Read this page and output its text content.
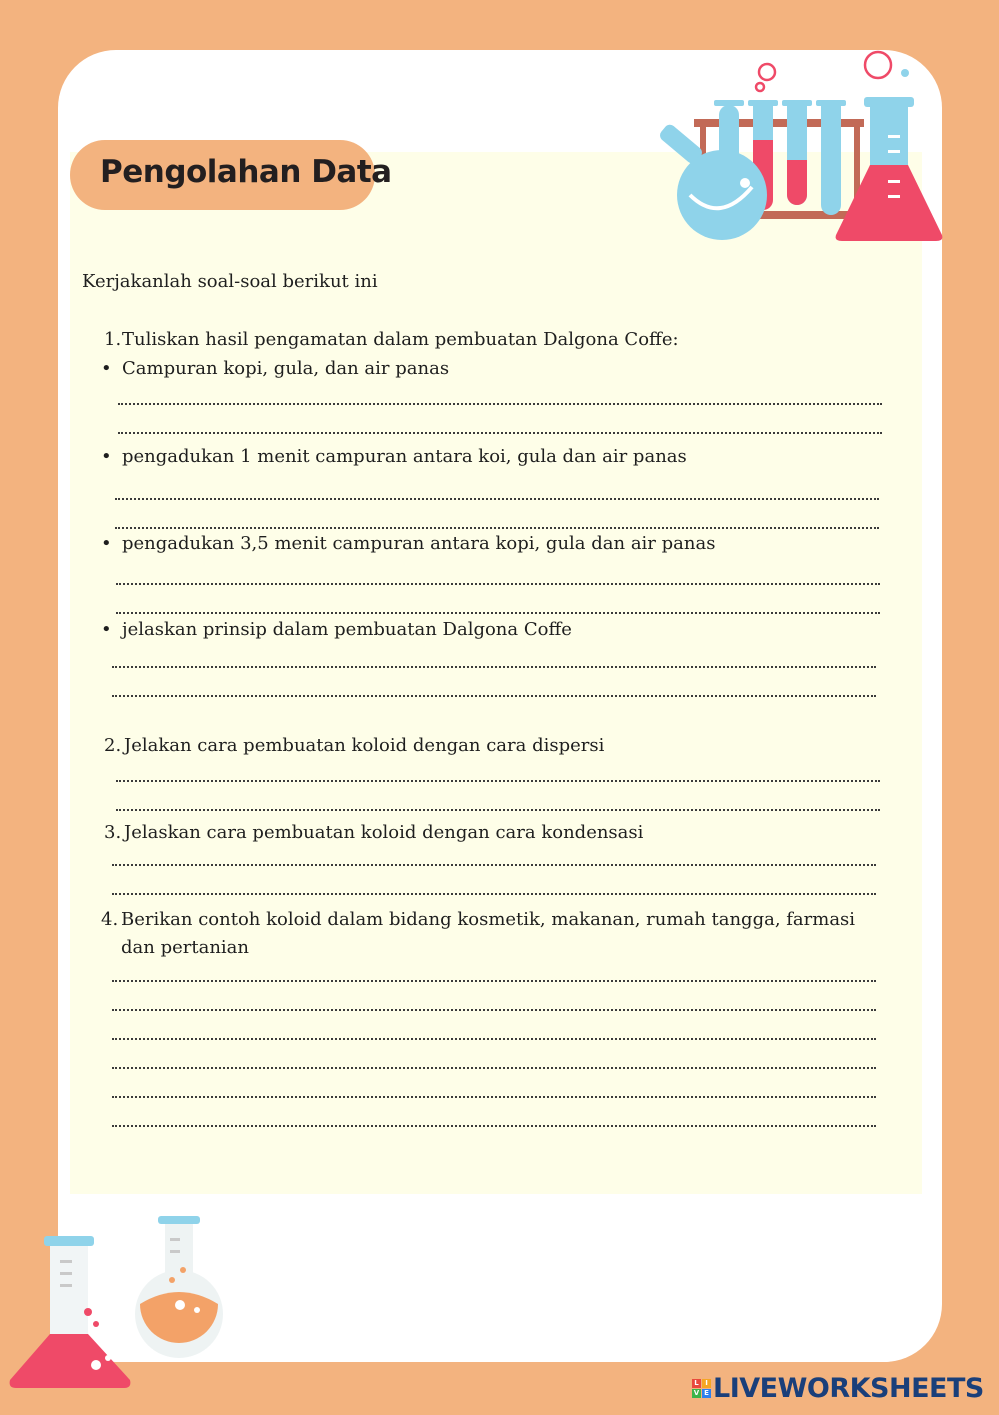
Pengolahan Data
Kerjakanlah soal-soal berikut ini
1. Tuliskan hasil pengamatan dalam pembuatan Dalgona Coffe:
• Campuran kopi, gula, dan air panas
• pengadukan 1 menit campuran antara koi, gula dan air panas
• pengadukan 3,5 menit campuran antara kopi, gula dan air panas
• jelaskan prinsip dalam pembuatan Dalgona Coffe
2. Jelakan cara pembuatan koloid dengan cara dispersi
3. Jelaskan cara pembuatan koloid dengan cara kondensasi
4. Berikan contoh koloid dalam bidang kosmetik, makanan, rumah tangga, farmasi
dan pertanian
L I
V E LIVEWORKSHEETS
